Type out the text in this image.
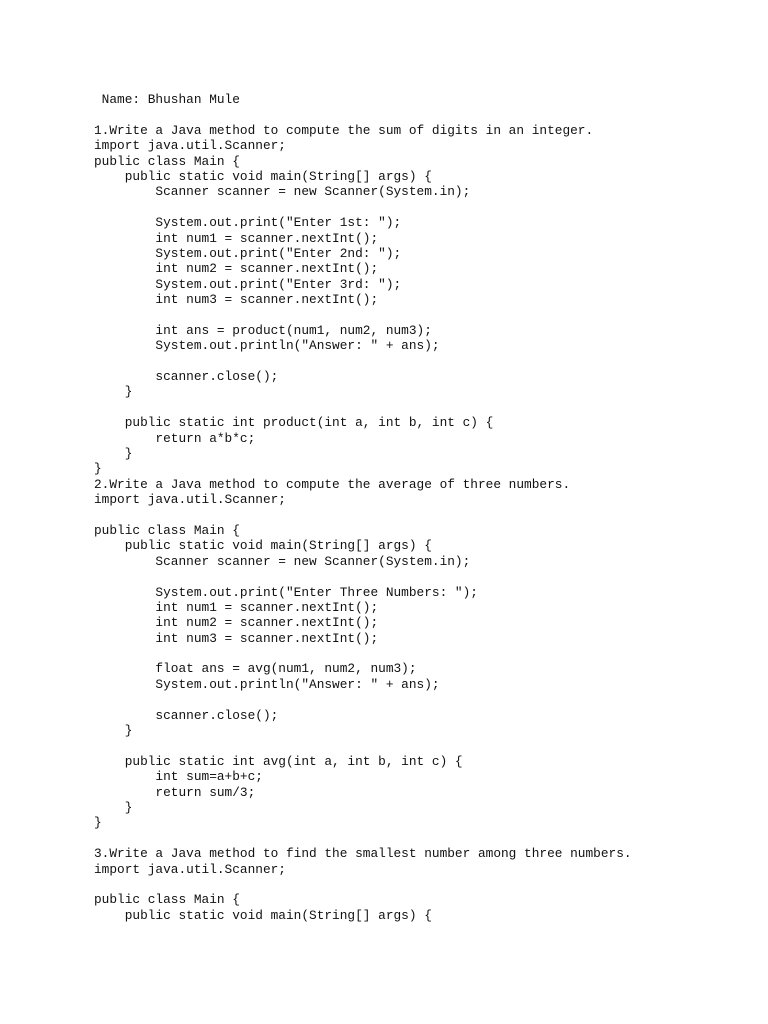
Name: Bhushan Mule
1.Write a Java method to compute the sum of digits in an integer.
import java.util.Scanner;
public class Main {
public static void main(String[] args) {
Scanner scanner = new Scanner(System.in);
System.out.print("Enter 1st: ");
int num1 = scanner.nextInt();
System.out.print("Enter 2nd: ");
int num2 = scanner.nextInt();
System.out.print("Enter 3rd: ");
int num3 = scanner.nextInt();
int ans = product(num1, num2, num3);
System.out.println("Answer: " + ans);
scanner.close();
}
public static int product(int a, int b, int c) {
return a*b*c;
}
}
2.Write a Java method to compute the average of three numbers.
import java.util.Scanner;
public class Main {
public static void main(String[] args) {
Scanner scanner = new Scanner(System.in);
System.out.print("Enter Three Numbers: ");
int num1 = scanner.nextInt();
int num2 = scanner.nextInt();
int num3 = scanner.nextInt();
float ans = avg(num1, num2, num3);
System.out.println("Answer: " + ans);
scanner.close();
}
public static int avg(int a, int b, int c) {
int sum=a+b+c;
return sum/3;
}
}
3.Write a Java method to find the smallest number among three numbers.
import java.util.Scanner;
public class Main {
public static void main(String[] args) {
